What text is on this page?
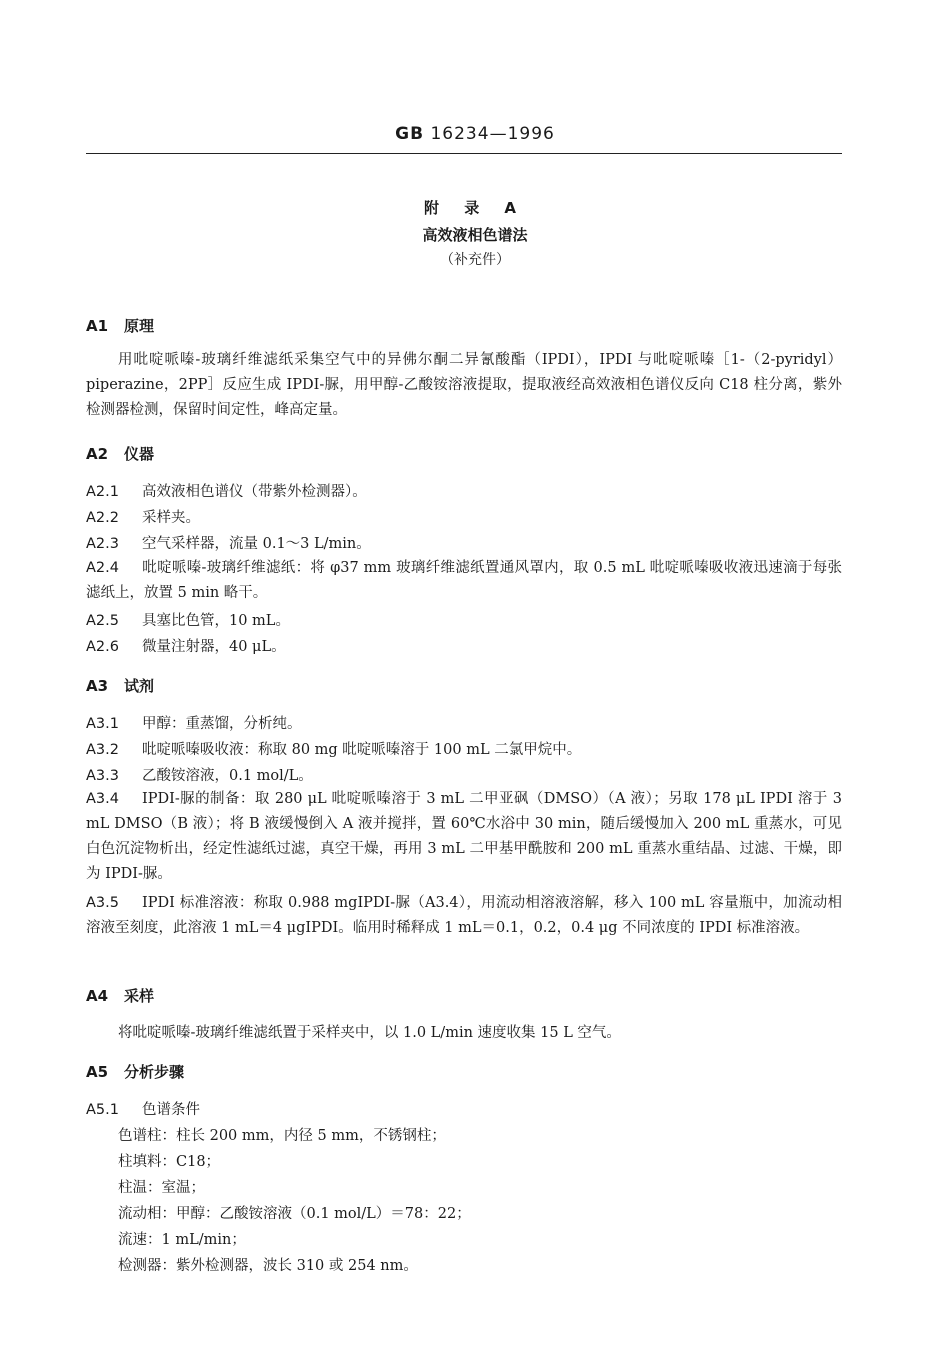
GB 16234—1996
附 录 A
高效液相色谱法
（补充件）
A1 原理
用吡啶哌嗪-玻璃纤维滤纸采集空气中的异佛尔酮二异氰酸酯（IPDI），IPDI 与吡啶哌嗪［1-（2-pyridyl）piperazine，2PP］反应生成 IPDI-脲，用甲醇-乙酸铵溶液提取，提取液经高效液相色谱仪反向 C18 柱分离，紫外检测器检测，保留时间定性，峰高定量。
A2 仪器
A2.1 高效液相色谱仪（带紫外检测器）。
A2.2 采样夹。
A2.3 空气采样器，流量 0.1～3 L/min。
A2.4 吡啶哌嗪-玻璃纤维滤纸：将 φ37 mm 玻璃纤维滤纸置通风罩内，取 0.5 mL 吡啶哌嗪吸收液迅速滴于每张滤纸上，放置 5 min 略干。
A2.5 具塞比色管，10 mL。
A2.6 微量注射器，40 μL。
A3 试剂
A3.1 甲醇：重蒸馏，分析纯。
A3.2 吡啶哌嗪吸收液：称取 80 mg 吡啶哌嗪溶于 100 mL 二氯甲烷中。
A3.3 乙酸铵溶液，0.1 mol/L。
A3.4 IPDI-脲的制备：取 280 μL 吡啶哌嗪溶于 3 mL 二甲亚砜（DMSO）（A 液）；另取 178 μL IPDI 溶于 3 mL DMSO（B 液）；将 B 液缓慢倒入 A 液并搅拌，置 60℃水浴中 30 min，随后缓慢加入 200 mL 重蒸水，可见白色沉淀物析出，经定性滤纸过滤，真空干燥，再用 3 mL 二甲基甲酰胺和 200 mL 重蒸水重结晶、过滤、干燥，即为 IPDI-脲。
A3.5 IPDI 标准溶液：称取 0.988 mgIPDI-脲（A3.4），用流动相溶液溶解，移入 100 mL 容量瓶中，加流动相溶液至刻度，此溶液 1 mL＝4 μgIPDI。临用时稀释成 1 mL＝0.1，0.2，0.4 μg 不同浓度的 IPDI 标准溶液。
A4 采样
将吡啶哌嗪-玻璃纤维滤纸置于采样夹中，以 1.0 L/min 速度收集 15 L 空气。
A5 分析步骤
A5.1 色谱条件
色谱柱：柱长 200 mm，内径 5 mm，不锈钢柱；
柱填料：C18；
柱温：室温；
流动相：甲醇：乙酸铵溶液（0.1 mol/L）＝78：22；
流速：1 mL/min；
检测器：紫外检测器，波长 310 或 254 nm。
